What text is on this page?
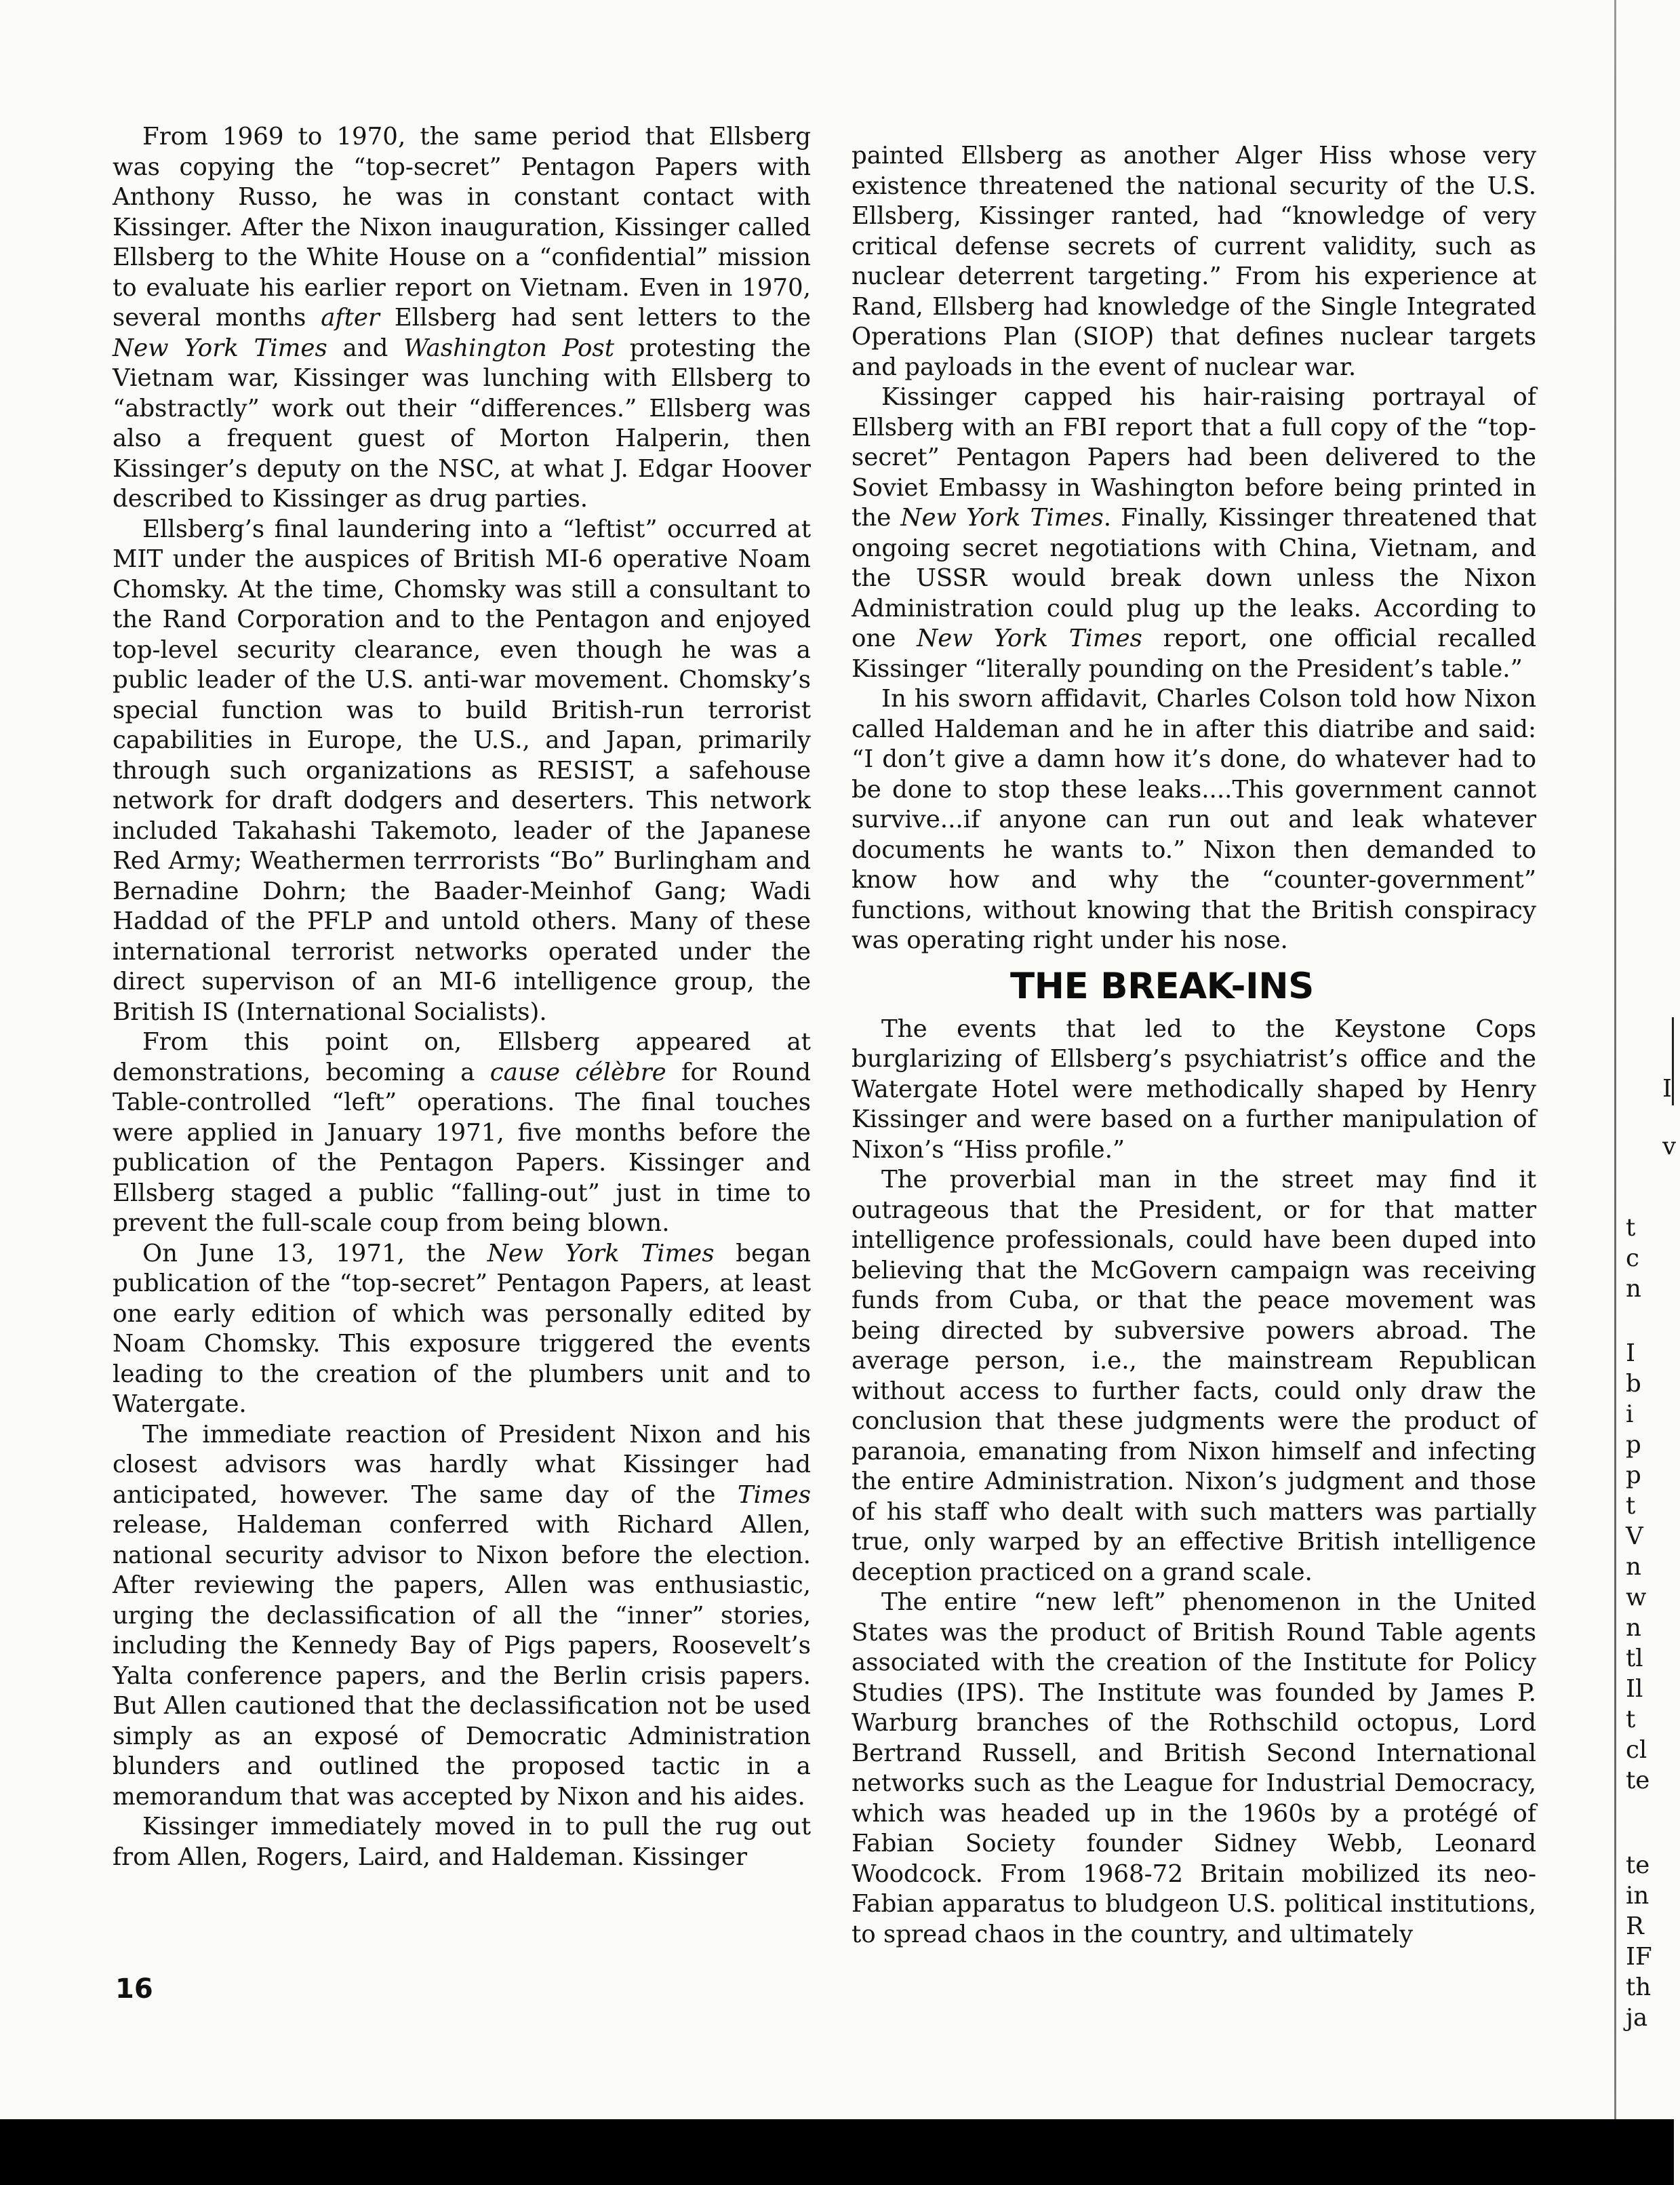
From 1969 to 1970, the same period that Ellsberg was copying the “top-secret” Pentagon Papers with Anthony Russo, he was in constant contact with Kissinger. After the Nixon inauguration, Kissinger called Ellsberg to the White House on a “confidential” mission to evaluate his earlier report on Vietnam. Even in 1970, several months after Ellsberg had sent letters to the New York Times and Washington Post protesting the Vietnam war, Kissinger was lunching with Ellsberg to “abstractly” work out their “differences.” Ellsberg was also a frequent guest of Morton Halperin, then Kissinger’s deputy on the NSC, at what J. Edgar Hoover described to Kissinger as drug parties.

Ellsberg’s final laundering into a “leftist” occurred at MIT under the auspices of British MI-6 operative Noam Chomsky. At the time, Chomsky was still a consultant to the Rand Corporation and to the Pentagon and enjoyed top-level security clearance, even though he was a public leader of the U.S. anti-war movement. Chomsky’s special function was to build British-run terrorist capabilities in Europe, the U.S., and Japan, primarily through such organizations as RESIST, a safehouse network for draft dodgers and deserters. This network included Takahashi Takemoto, leader of the Japanese Red Army; Weathermen terrrorists “Bo” Burlingham and Bernadine Dohrn; the Baader-Meinhof Gang; Wadi Haddad of the PFLP and untold others. Many of these international terrorist networks operated under the direct supervison of an MI-6 intelligence group, the British IS (International Socialists).

From this point on, Ellsberg appeared at demonstrations, becoming a cause célèbre for Round Table-controlled “left” operations. The final touches were applied in January 1971, five months before the publication of the Pentagon Papers. Kissinger and Ellsberg staged a public “falling-out” just in time to prevent the full-scale coup from being blown.

On June 13, 1971, the New York Times began publication of the “top-secret” Pentagon Papers, at least one early edition of which was personally edited by Noam Chomsky. This exposure triggered the events leading to the creation of the plumbers unit and to Watergate.

The immediate reaction of President Nixon and his closest advisors was hardly what Kissinger had anticipated, however. The same day of the Times release, Haldeman conferred with Richard Allen, national security advisor to Nixon before the election. After reviewing the papers, Allen was enthusiastic, urging the declassification of all the “inner” stories, including the Kennedy Bay of Pigs papers, Roosevelt’s Yalta conference papers, and the Berlin crisis papers. But Allen cautioned that the declassification not be used simply as an exposé of Democratic Administration blunders and outlined the proposed tactic in a memorandum that was accepted by Nixon and his aides.

Kissinger immediately moved in to pull the rug out from Allen, Rogers, Laird, and Haldeman. Kissinger

painted Ellsberg as another Alger Hiss whose very existence threatened the national security of the U.S. Ellsberg, Kissinger ranted, had “knowledge of very critical defense secrets of current validity, such as nuclear deterrent targeting.” From his experience at Rand, Ellsberg had knowledge of the Single Integrated Operations Plan (SIOP) that defines nuclear targets and payloads in the event of nuclear war.

Kissinger capped his hair-raising portrayal of Ellsberg with an FBI report that a full copy of the “top-secret” Pentagon Papers had been delivered to the Soviet Embassy in Washington before being printed in the New York Times. Finally, Kissinger threatened that ongoing secret negotiations with China, Vietnam, and the USSR would break down unless the Nixon Administration could plug up the leaks. According to one New York Times report, one official recalled Kissinger “literally pounding on the President’s table.”

In his sworn affidavit, Charles Colson told how Nixon called Haldeman and he in after this diatribe and said: “I don’t give a damn how it’s done, do whatever had to be done to stop these leaks....This government cannot survive...if anyone can run out and leak whatever documents he wants to.” Nixon then demanded to know how and why the “counter-government” functions, without knowing that the British conspiracy was operating right under his nose.

THE BREAK-INS

The events that led to the Keystone Cops burglarizing of Ellsberg’s psychiatrist’s office and the Watergate Hotel were methodically shaped by Henry Kissinger and were based on a further manipulation of Nixon’s “Hiss profile.”

The proverbial man in the street may find it outrageous that the President, or for that matter intelligence professionals, could have been duped into believing that the McGovern campaign was receiving funds from Cuba, or that the peace movement was being directed by subversive powers abroad. The average person, i.e., the mainstream Republican without access to further facts, could only draw the conclusion that these judgments were the product of paranoia, emanating from Nixon himself and infecting the entire Administration. Nixon’s judgment and those of his staff who dealt with such matters was partially true, only warped by an effective British intelligence deception practiced on a grand scale.

The entire “new left” phenomenon in the United States was the product of British Round Table agents associated with the creation of the Institute for Policy Studies (IPS). The Institute was founded by James P. Warburg branches of the Rothschild octopus, Lord Bertrand Russell, and British Second International networks such as the League for Industrial Democracy, which was headed up in the 1960s by a protégé of Fabian Society founder Sidney Webb, Leonard Woodcock. From 1968-72 Britain mobilized its neo-Fabian apparatus to bludgeon U.S. political institutions, to spread chaos in the country, and ultimately

16
I
v
t
c
n
I
b
i
p
p
t
V
n
w
n
tl
Il
t
cl
te
te
in
R
IF
th
ja
